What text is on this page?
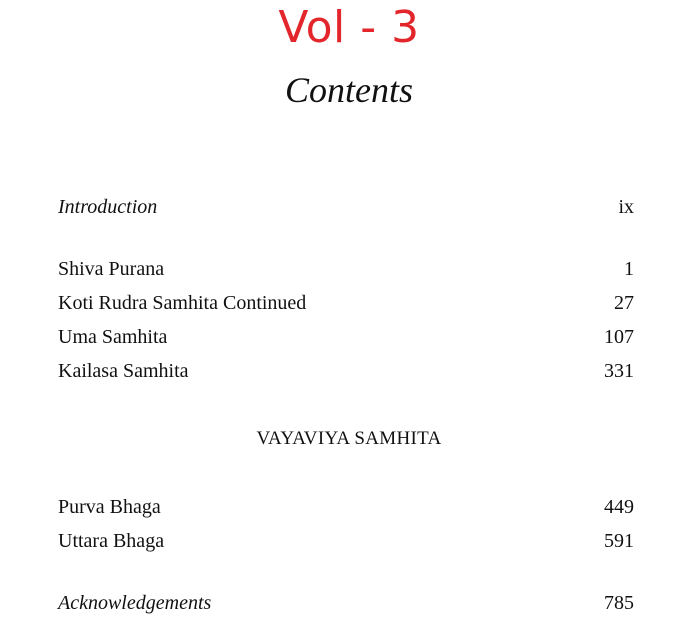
Vol - 3
Contents
Introduction	ix
Shiva Purana	1
Koti Rudra Samhita Continued	27
Uma Samhita	107
Kailasa Samhita	331
VAYAVIYA SAMHITA
Purva Bhaga	449
Uttara Bhaga	591
Acknowledgements	785
